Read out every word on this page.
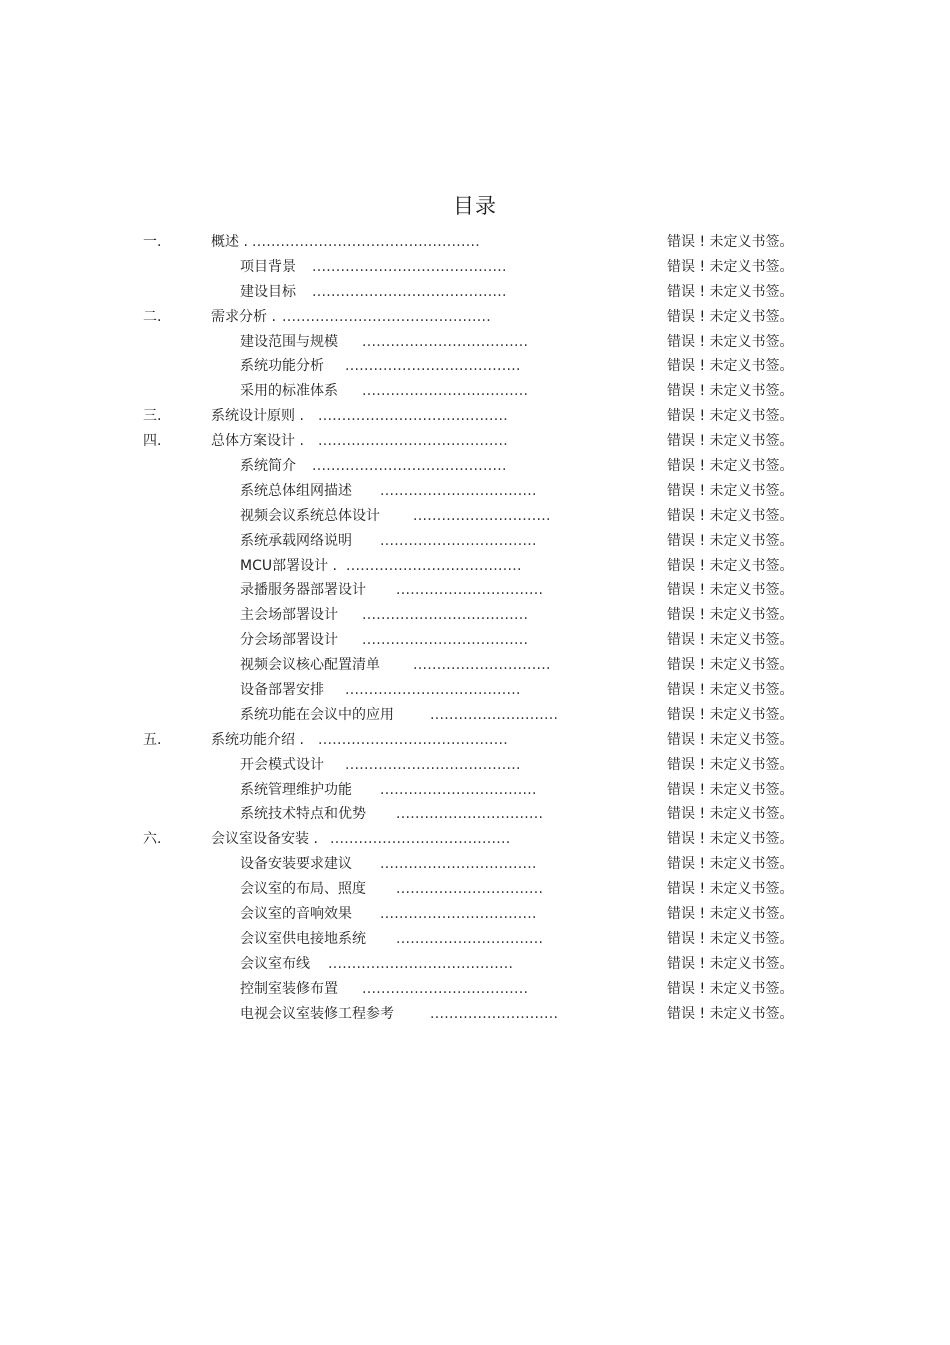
目录
一.	概述 . ................................................	错误 ! 未定义书签。
项目背景 .........................................	错误 ! 未定义书签。
建设目标 .........................................	错误 ! 未定义书签。
二.	需求分析 . ............................................	错误 ! 未定义书签。
建设范围与规模 ...................................	错误 ! 未定义书签。
系统功能分析 .....................................	错误 ! 未定义书签。
采用的标准体系 ...................................	错误 ! 未定义书签。
三.	系统设计原则 . ........................................	错误 ! 未定义书签。
四.	总体方案设计 . ........................................	错误 ! 未定义书签。
系统简介 .........................................	错误 ! 未定义书签。
系统总体组网描述 .................................	错误 ! 未定义书签。
视频会议系统总体设计 .............................	错误 ! 未定义书签。
系统承载网络说明 .................................	错误 ! 未定义书签。
MCU部署设计 . .....................................	错误 ! 未定义书签。
录播服务器部署设计 ...............................	错误 ! 未定义书签。
主会场部署设计 ...................................	错误 ! 未定义书签。
分会场部署设计 ...................................	错误 ! 未定义书签。
视频会议核心配置清单 .............................	错误 ! 未定义书签。
设备部署安排 .....................................	错误 ! 未定义书签。
系统功能在会议中的应用	...........................	错误 ! 未定义书签。
五.	系统功能介绍 . ........................................	错误 ! 未定义书签。
开会模式设计 .....................................	错误 ! 未定义书签。
系统管理维护功能 .................................	错误 ! 未定义书签。
系统技术特点和优势 ...............................	错误 ! 未定义书签。
六.	会议室设备安装 . ......................................	错误 ! 未定义书签。
设备安装要求建议 .................................	错误 ! 未定义书签。
会议室的布局、照度 ...............................	错误 ! 未定义书签。
会议室的音响效果 .................................	错误 ! 未定义书签。
会议室供电接地系统 ...............................	错误 ! 未定义书签。
会议室布线 .......................................	错误 ! 未定义书签。
控制室装修布置 ...................................	错误 ! 未定义书签。
电视会议室装修工程参考	...........................	错误 ! 未定义书签。
